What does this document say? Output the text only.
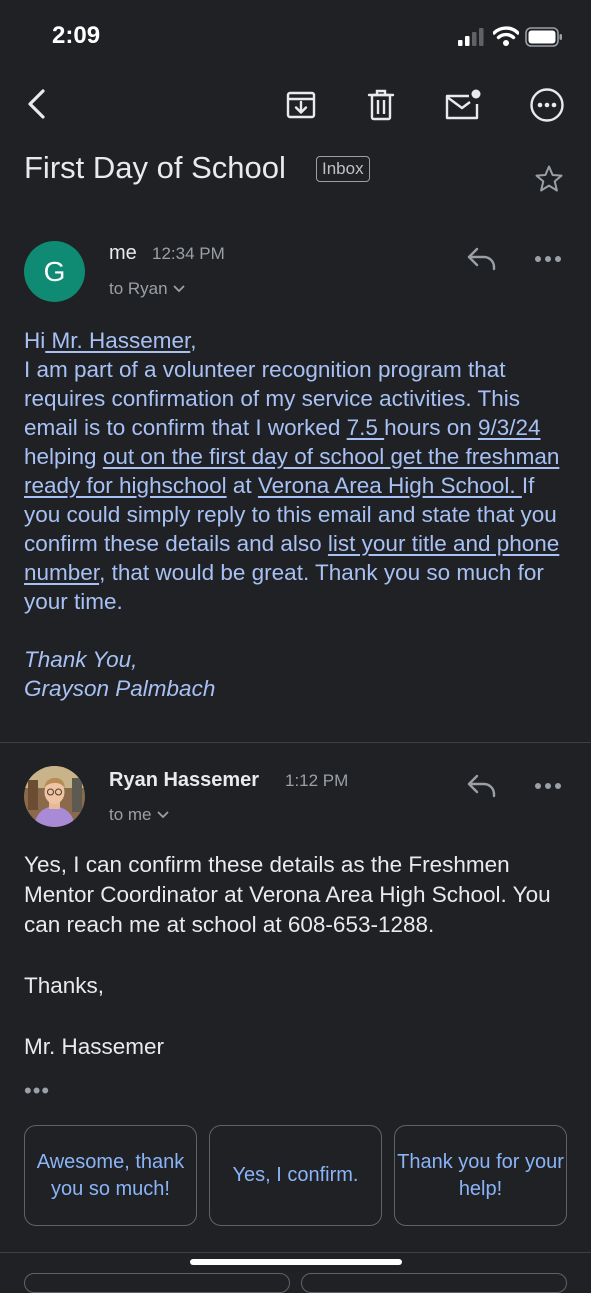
2:09
First Day of School	Inbox
G
me 12:34 PM
to Ryan
Hi Mr. Hassemer,
I am part of a volunteer recognition program that requires confirmation of my service activities. This email is to confirm that I worked 7.5 hours on 9/3/24 helping out on the first day of school get the freshman ready for highschool at Verona Area High School. If you could simply reply to this email and state that you confirm these details and also list your title and phone number, that would be great. Thank you so much for your time.
Thank You,
Grayson Palmbach
Ryan Hassemer 1:12 PM
to me
Yes, I can confirm these details as the Freshmen Mentor Coordinator at Verona Area High School. You can reach me at school at 608-653-1288.
Thanks,
Mr. Hassemer
•••
Awesome, thank you so much!
Yes, I confirm.
Thank you for your help!
